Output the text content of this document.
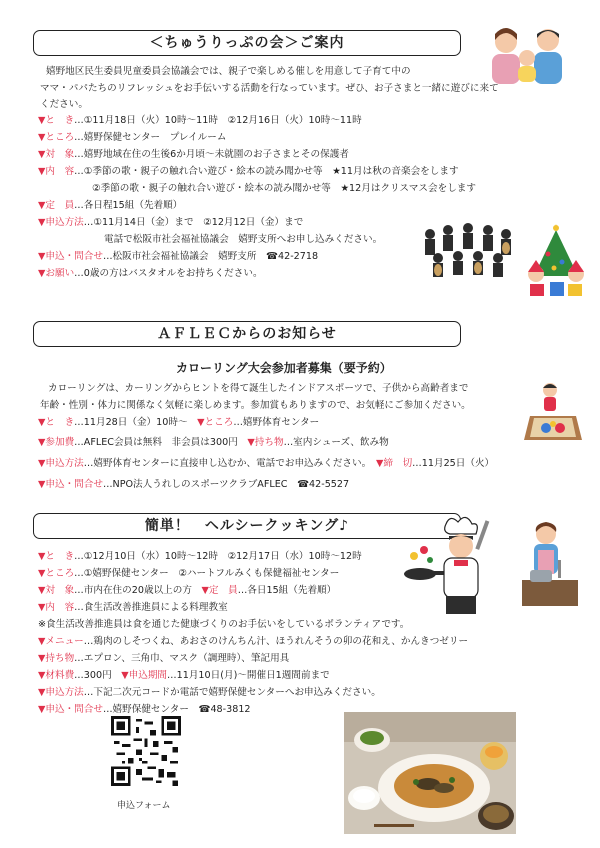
＜ちゅうりっぷの会＞ご案内
嬉野地区民生委員児童委員会協議会では、親子で楽しめる催しを用意して子育て中の
ママ・パパたちのリフレッシュをお手伝いする活動を行なっています。ぜひ、お子さまと一緒に遊びに来て
ください。
▼と　き…①11月18日（火）10時～11時　②12月16日（火）10時～11時
▼ところ…嬉野保健センター　プレイルーム
▼対　象…嬉野地域在住の生後6か月頃～未就園のお子さまとその保護者
▼内　容…①季節の歌・親子の触れ合い遊び・絵本の読み聞かせ等　★11月は秋の音楽会をします
②季節の歌・親子の触れ合い遊び・絵本の読み聞かせ等　★12月はクリスマス会をします
▼定　員…各日程15組（先着順）
▼申込方法…①11月14日（金）まで　②12月12日（金）まで
電話で松阪市社会福祉協議会　嬉野支所へお申し込みください。
▼申込・問合せ…松阪市社会福祉協議会　嬉野支所　☎42-2718
▼お願い…0歳の方はバスタオルをお持ちください。
ＡＦＬＥＣからのお知らせ
カローリング大会参加者募集（要予約）
カローリングは、カーリングからヒントを得て誕生したインドアスポーツで、子供から高齢者まで
年齢・性別・体力に関係なく気軽に楽しめます。参加賞もありますので、お気軽にご参加ください。
▼と　き…11月28日（金）10時～　 ▼ところ…嬉野体育センター
▼参加費…AFLEC会員は無料　非会員は300円　 ▼持ち物…室内シューズ、飲み物
▼申込方法…嬉野体育センターに直接申し込むか、電話でお申込みください。　 ▼締　切…11月25日（火）
▼申込・問合せ…NPO法人うれしのスポーツクラブAFLEC　☎42-5527
簡単！　ヘルシークッキング♪
▼と　き…①12月10日（水）10時～12時　②12月17日（水）10時～12時
▼ところ…①嬉野保健センター　②ハートフルみくも保健福祉センター
▼対　象…市内在住の20歳以上の方　 ▼定　員…各日15組（先着順）
▼内　容…食生活改善推進員による料理教室
※食生活改善推進員は食を通じた健康づくりのお手伝いをしているボランティアです。
▼メニュー…鶏肉のしそつくね、あおさのけんちん汁、ほうれんそうの卯の花和え、かんきつゼリー
▼持ち物…エプロン、三角巾、マスク（調理時）、筆記用具
▼材料費…300円　 ▼申込期間…11月10日(月)～開催日1週間前まで
▼申込方法…下記二次元コードか電話で嬉野保健センターへお申込みください。
▼申込・問合せ…嬉野保健センター　☎48-3812
申込フォーム
